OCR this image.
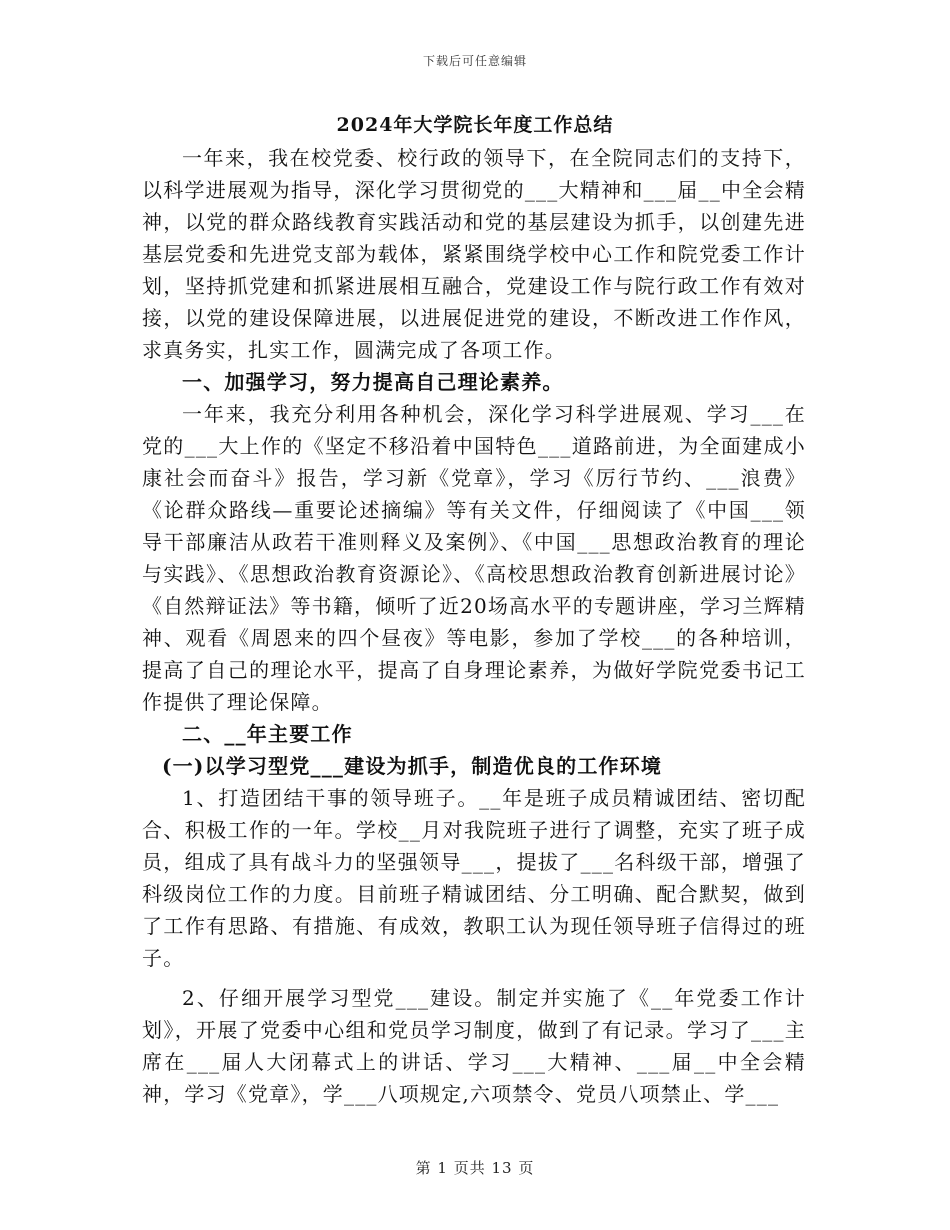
下载后可任意编辑
2024年大学院长年度工作总结

一年来，我在校党委、校行政的领导下，在全院同志们的支持下，以科学进展观为指导，深化学习贯彻党的___大精神和___届__中全会精神，以党的群众路线教育实践活动和党的基层建设为抓手，以创建先进基层党委和先进党支部为载体，紧紧围绕学校中心工作和院党委工作计划，坚持抓党建和抓紧进展相互融合，党建设工作与院行政工作有效对接，以党的建设保障进展，以进展促进党的建设，不断改进工作作风，求真务实，扎实工作，圆满完成了各项工作。

一、加强学习，努力提高自己理论素养。

一年来，我充分利用各种机会，深化学习科学进展观、学习___在党的___大上作的《坚定不移沿着中国特色___道路前进，为全面建成小康社会而奋斗》报告，学习新《党章》，学习《厉行节约、___浪费》《论群众路线—重要论述摘编》等有关文件，仔细阅读了《中国___领导干部廉洁从政若干准则释义及案例》、《中国___思想政治教育的理论与实践》、《思想政治教育资源论》、《高校思想政治教育创新进展讨论》《自然辩证法》等书籍，倾听了近20场高水平的专题讲座，学习兰辉精神、观看《周恩来的四个昼夜》等电影，参加了学校___的各种培训，提高了自己的理论水平，提高了自身理论素养，为做好学院党委书记工作提供了理论保障。

二、__年主要工作

(一)以学习型党___建设为抓手，制造优良的工作环境

1、打造团结干事的领导班子。__年是班子成员精诚团结、密切配合、积极工作的一年。学校__月对我院班子进行了调整，充实了班子成员，组成了具有战斗力的坚强领导___，提拔了___名科级干部，增强了科级岗位工作的力度。目前班子精诚团结、分工明确、配合默契，做到了工作有思路、有措施、有成效，教职工认为现任领导班子信得过的班子。

2、仔细开展学习型党___建设。制定并实施了《__年党委工作计划》，开展了党委中心组和党员学习制度，做到了有记录。学习了___主席在___届人大闭幕式上的讲话、学习___大精神、___届__中全会精神，学习《党章》，学___八项规定,六项禁令、党员八项禁止、学___

第 1 页共 13 页
